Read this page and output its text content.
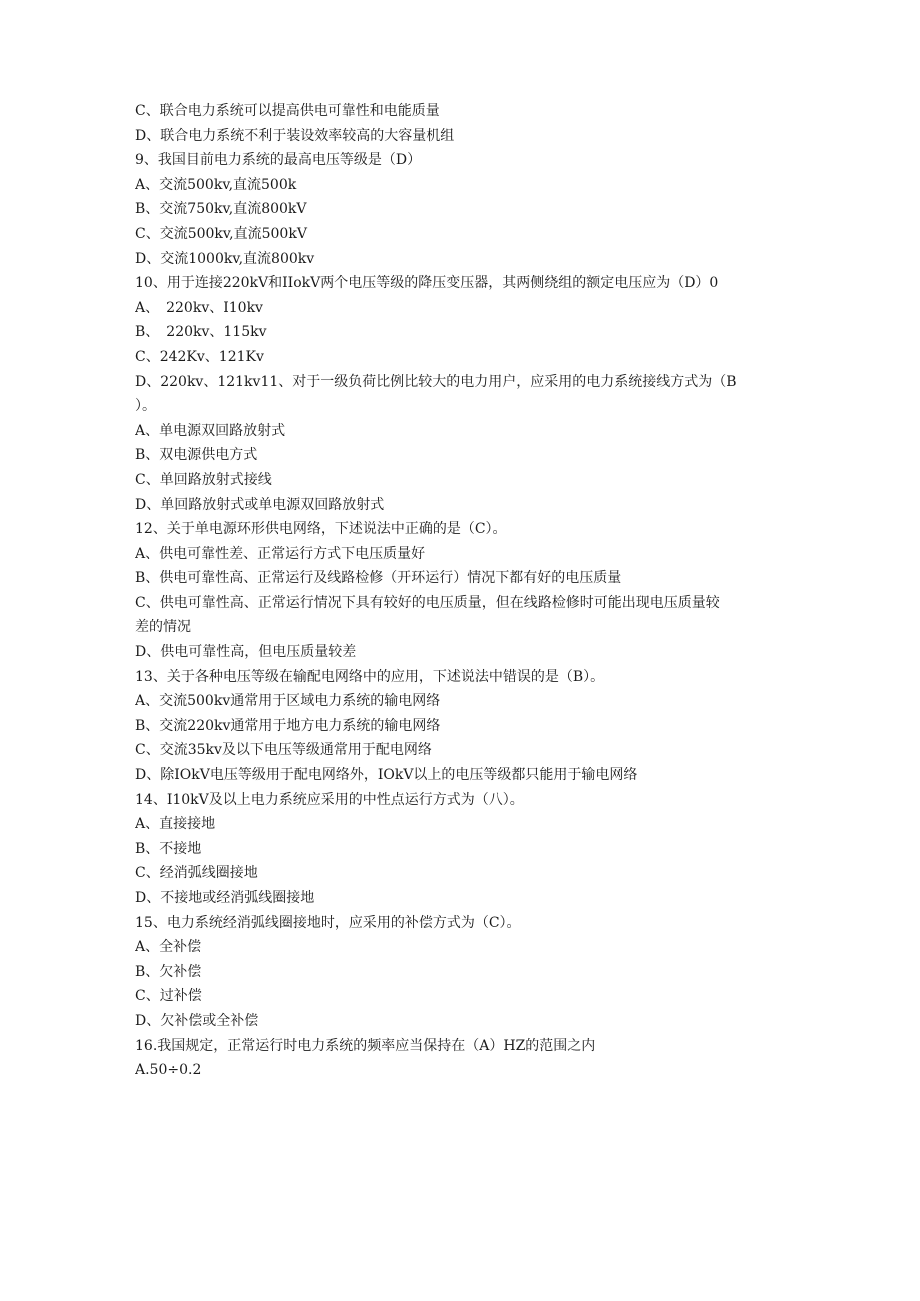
C、联合电力系统可以提高供电可靠性和电能质量
D、联合电力系统不利于装设效率较高的大容量机组
9、我国目前电力系统的最高电压等级是（D）
A、交流500kv,直流500k
B、交流750kv,直流800kV
C、交流500kv,直流500kV
D、交流1000kv,直流800kv
10、用于连接220kV和IIokV两个电压等级的降压变压器，其两侧绕组的额定电压应为（D）0
A、　220kv、I10kv
B、　220kv、115kv
C、242Kv、121Kv
D、220kv、121kv11、对于一级负荷比例比较大的电力用户，应采用的电力系统接线方式为（B
）。
A、单电源双回路放射式
B、双电源供电方式
C、单回路放射式接线
D、单回路放射式或单电源双回路放射式
12、关于单电源环形供电网络，下述说法中正确的是（C）。
A、供电可靠性差、正常运行方式下电压质量好
B、供电可靠性高、正常运行及线路检修（开环运行）情况下都有好的电压质量
C、供电可靠性高、正常运行情况下具有较好的电压质量，但在线路检修时可能出现电压质量较
差的情况
D、供电可靠性高，但电压质量较差
13、关于各种电压等级在输配电网络中的应用，下述说法中错误的是（B）。
A、交流500kv通常用于区域电力系统的输电网络
B、交流220kv通常用于地方电力系统的输电网络
C、交流35kv及以下电压等级通常用于配电网络
D、除IOkV电压等级用于配电网络外，IOkV以上的电压等级都只能用于输电网络
14、I10kV及以上电力系统应采用的中性点运行方式为（八）。
A、直接接地
B、不接地
C、经消弧线圈接地
D、不接地或经消弧线圈接地
15、电力系统经消弧线圈接地时，应采用的补偿方式为（C）。
A、全补偿
B、欠补偿
C、过补偿
D、欠补偿或全补偿
16.我国规定，正常运行时电力系统的频率应当保持在（A）HZ的范围之内
A.50÷0.2
